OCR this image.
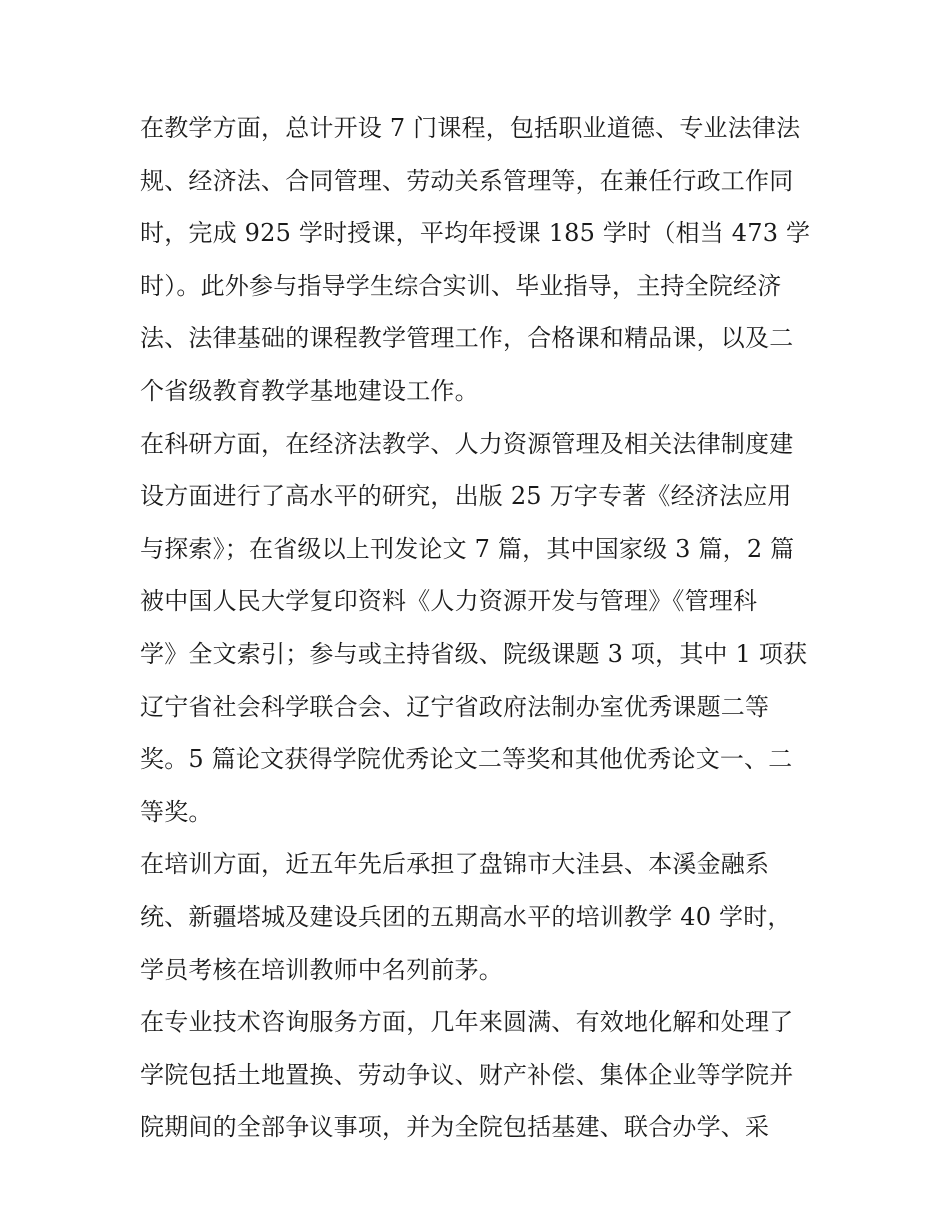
在教学方面，总计开设 7 门课程，包括职业道德、专业法律法
规、经济法、合同管理、劳动关系管理等，在兼任行政工作同
时，完成 925 学时授课，平均年授课 185 学时（相当 473 学
时）。此外参与指导学生综合实训、毕业指导，主持全院经济
法、法律基础的课程教学管理工作，合格课和精品课，以及二
个省级教育教学基地建设工作。
在科研方面，在经济法教学、人力资源管理及相关法律制度建
设方面进行了高水平的研究，出版 25 万字专著《经济法应用
与探索》；在省级以上刊发论文 7 篇，其中国家级 3 篇，2 篇
被中国人民大学复印资料《人力资源开发与管理》《管理科
学》全文索引；参与或主持省级、院级课题 3 项，其中 1 项获
辽宁省社会科学联合会、辽宁省政府法制办室优秀课题二等
奖。5 篇论文获得学院优秀论文二等奖和其他优秀论文一、二
等奖。
在培训方面，近五年先后承担了盘锦市大洼县、本溪金融系
统、新疆塔城及建设兵团的五期高水平的培训教学 40 学时，
学员考核在培训教师中名列前茅。
在专业技术咨询服务方面，几年来圆满、有效地化解和处理了
学院包括土地置换、劳动争议、财产补偿、集体企业等学院并
院期间的全部争议事项，并为全院包括基建、联合办学、采
